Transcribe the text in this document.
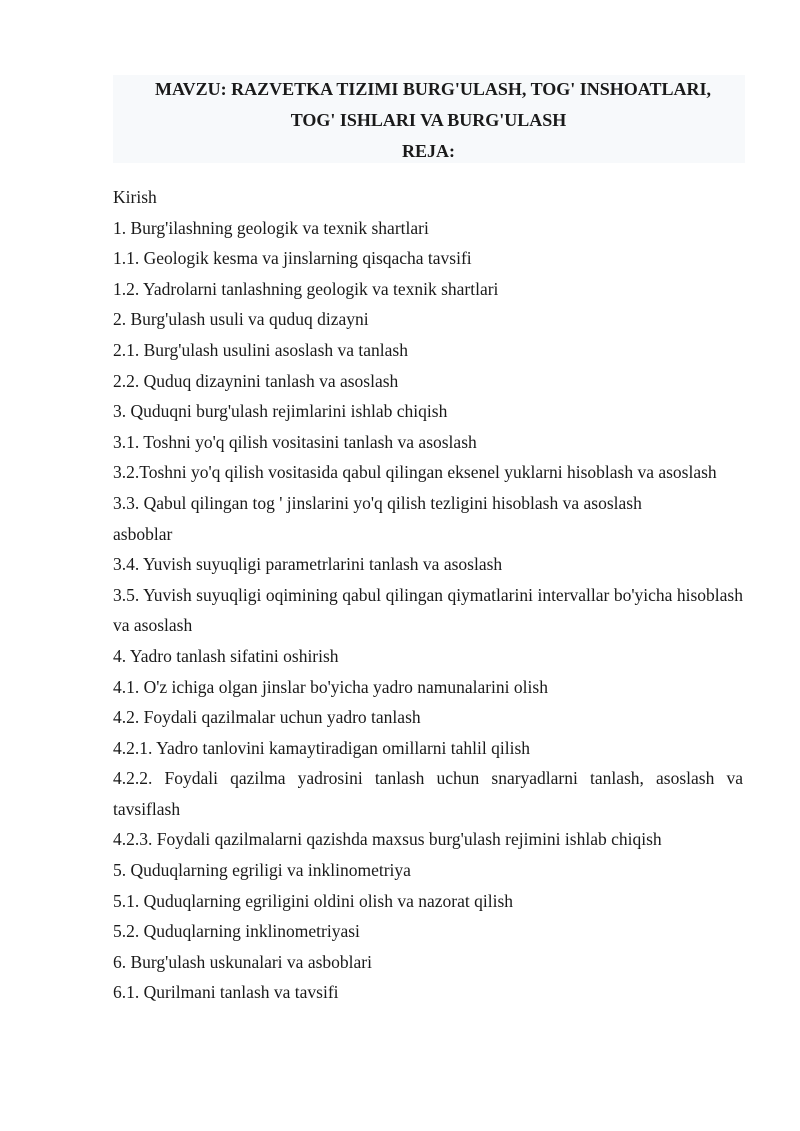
MAVZU: RAZVETKA TIZIMI BURG'ULASH, TOG' INSHOATLARI,
TOG' ISHLARI VA BURG'ULASH
REJA:
Kirish
1. Burg'ilashning geologik va texnik shartlari
1.1. Geologik kesma va jinslarning qisqacha tavsifi
1.2. Yadrolarni tanlashning geologik va texnik shartlari
2. Burg'ulash usuli va quduq dizayni
2.1. Burg'ulash usulini asoslash va tanlash
2.2. Quduq dizaynini tanlash va asoslash
3. Quduqni burg'ulash rejimlarini ishlab chiqish
3.1. Toshni yo'q qilish vositasini tanlash va asoslash
3.2.Toshni yo'q qilish vositasida qabul qilingan eksenel yuklarni hisoblash va asoslash
3.3. Qabul qilingan tog ' jinslarini yo'q qilish tezligini hisoblash va asoslash
asboblar
3.4. Yuvish suyuqligi parametrlarini tanlash va asoslash
3.5. Yuvish suyuqligi oqimining qabul qilingan qiymatlarini intervallar bo'yicha hisoblash va asoslash
4. Yadro tanlash sifatini oshirish
4.1. O'z ichiga olgan jinslar bo'yicha yadro namunalarini olish
4.2. Foydali qazilmalar uchun yadro tanlash
4.2.1. Yadro tanlovini kamaytiradigan omillarni tahlil qilish
4.2.2. Foydali qazilma yadrosini tanlash uchun snaryadlarni tanlash, asoslash va tavsiflash
4.2.3. Foydali qazilmalarni qazishda maxsus burg'ulash rejimini ishlab chiqish
5. Quduqlarning egriligi va inklinometriya
5.1. Quduqlarning egriligini oldini olish va nazorat qilish
5.2. Quduqlarning inklinometriyasi
6. Burg'ulash uskunalari va asboblari
6.1. Qurilmani tanlash va tavsifi
